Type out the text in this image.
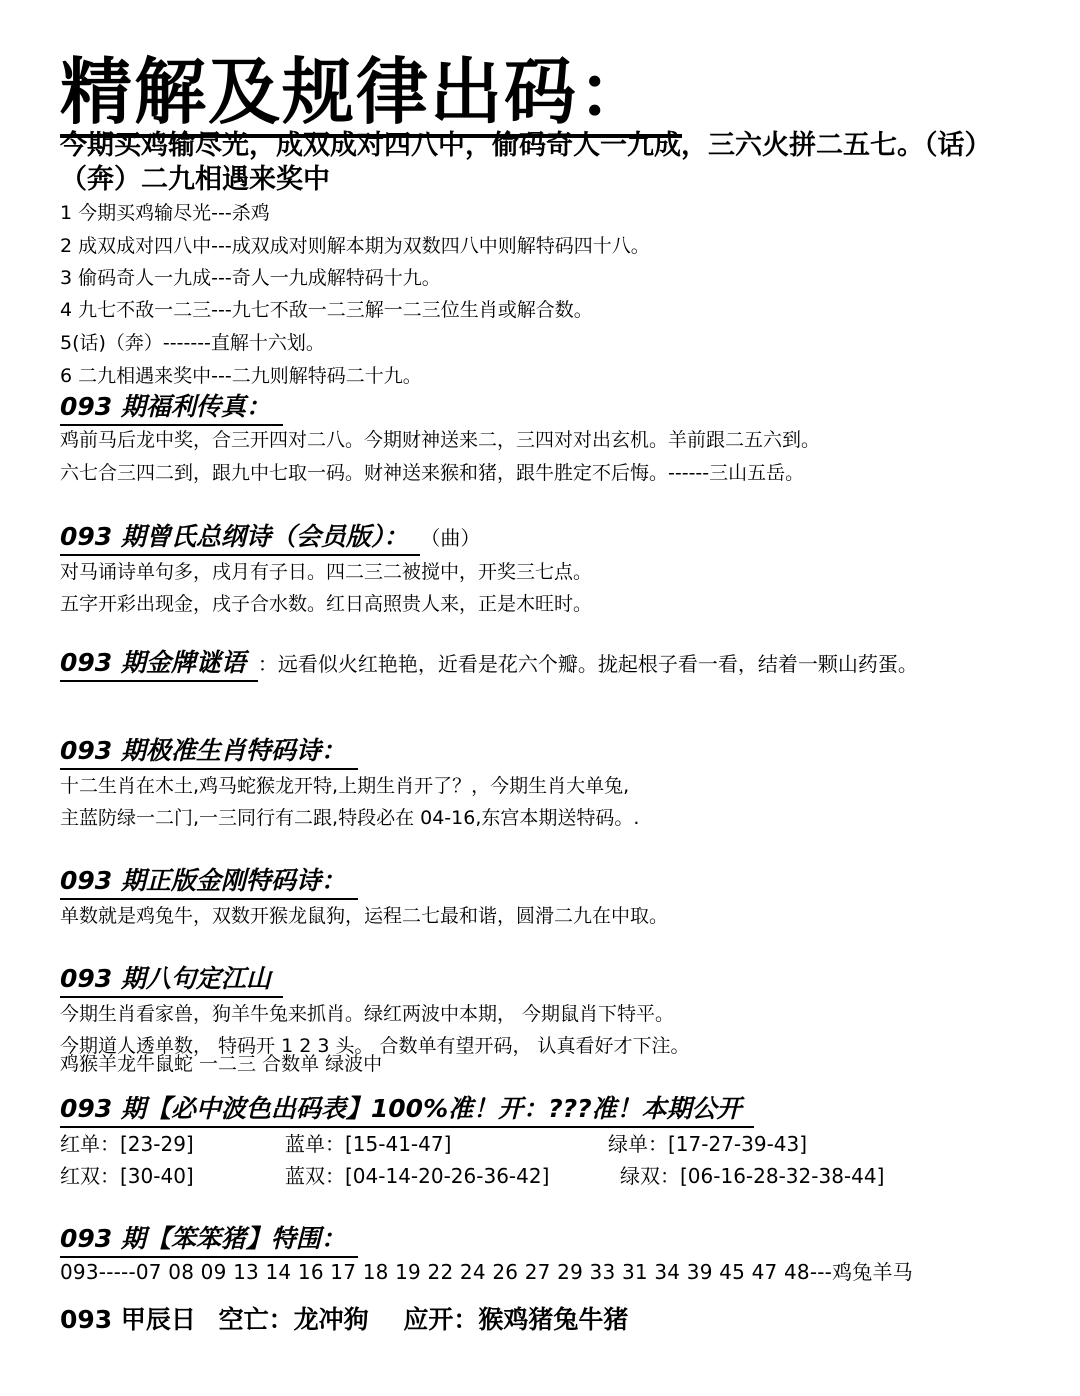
精解及规律出码：
今期买鸡输尽光，成双成对四八中，偷码奇人一九成，三六火拼二五七。（话）
（奔）二九相遇来奖中
1 今期买鸡输尽光---杀鸡
2 成双成对四八中---成双成对则解本期为双数四八中则解特码四十八。
3 偷码奇人一九成---奇人一九成解特码十九。
4 九七不敌一二三---九七不敌一二三解一二三位生肖或解合数。
5(话)（奔）-------直解十六划。
6 二九相遇来奖中---二九则解特码二十九。
093 期福利传真：
鸡前马后龙中奖，合三开四对二八。今期财神送来二，三四对对出玄机。羊前跟二五六到。
六七合三四二到，跟九中七取一码。财神送来猴和猪，跟牛胜定不后悔。------三山五岳。
093 期曾氏总纲诗（会员版）： （曲）
对马诵诗单句多，戌月有子日。四二三二被搅中，开奖三七点。
五字开彩出现金，戌子合水数。红日高照贵人来，正是木旺时。
093 期金牌谜语 ：远看似火红艳艳，近看是花六个瓣。拢起根子看一看，结着一颗山药蛋。
093 期极准生肖特码诗：
十二生肖在木土,鸡马蛇猴龙开特,上期生肖开了？，今期生肖大单兔,
主蓝防绿一二门,一三同行有二跟,特段必在 04-16,东宫本期送特码。.
093 期正版金刚特码诗：
单数就是鸡兔牛，双数开猴龙鼠狗，运程二七最和谐，圆滑二九在中取。
093 期八句定江山
今期生肖看家兽，狗羊牛兔来抓肖。绿红两波中本期， 今期鼠肖下特平。
今期道人透单数， 特码开 1 2 3 头。 合数单有望开码， 认真看好才下注。
鸡猴羊龙牛鼠蛇 一二三 合数单 绿波中
093 期【必中波色出码表】100%准！开：???准！本期公开
红单：[23-29]	蓝单：[15-41-47]	绿单：[17-27-39-43]
红双：[30-40]	蓝双：[04-14-20-26-36-42]	绿双：[06-16-28-32-38-44]
093 期【笨笨猪】特围：
093-----07 08 09 13 14 16 17 18 19 22 24 26 27 29 33 31 34 39 45 47 48---鸡兔羊马
093 甲辰日 空亡：龙冲狗 应开：猴鸡猪兔牛猪
